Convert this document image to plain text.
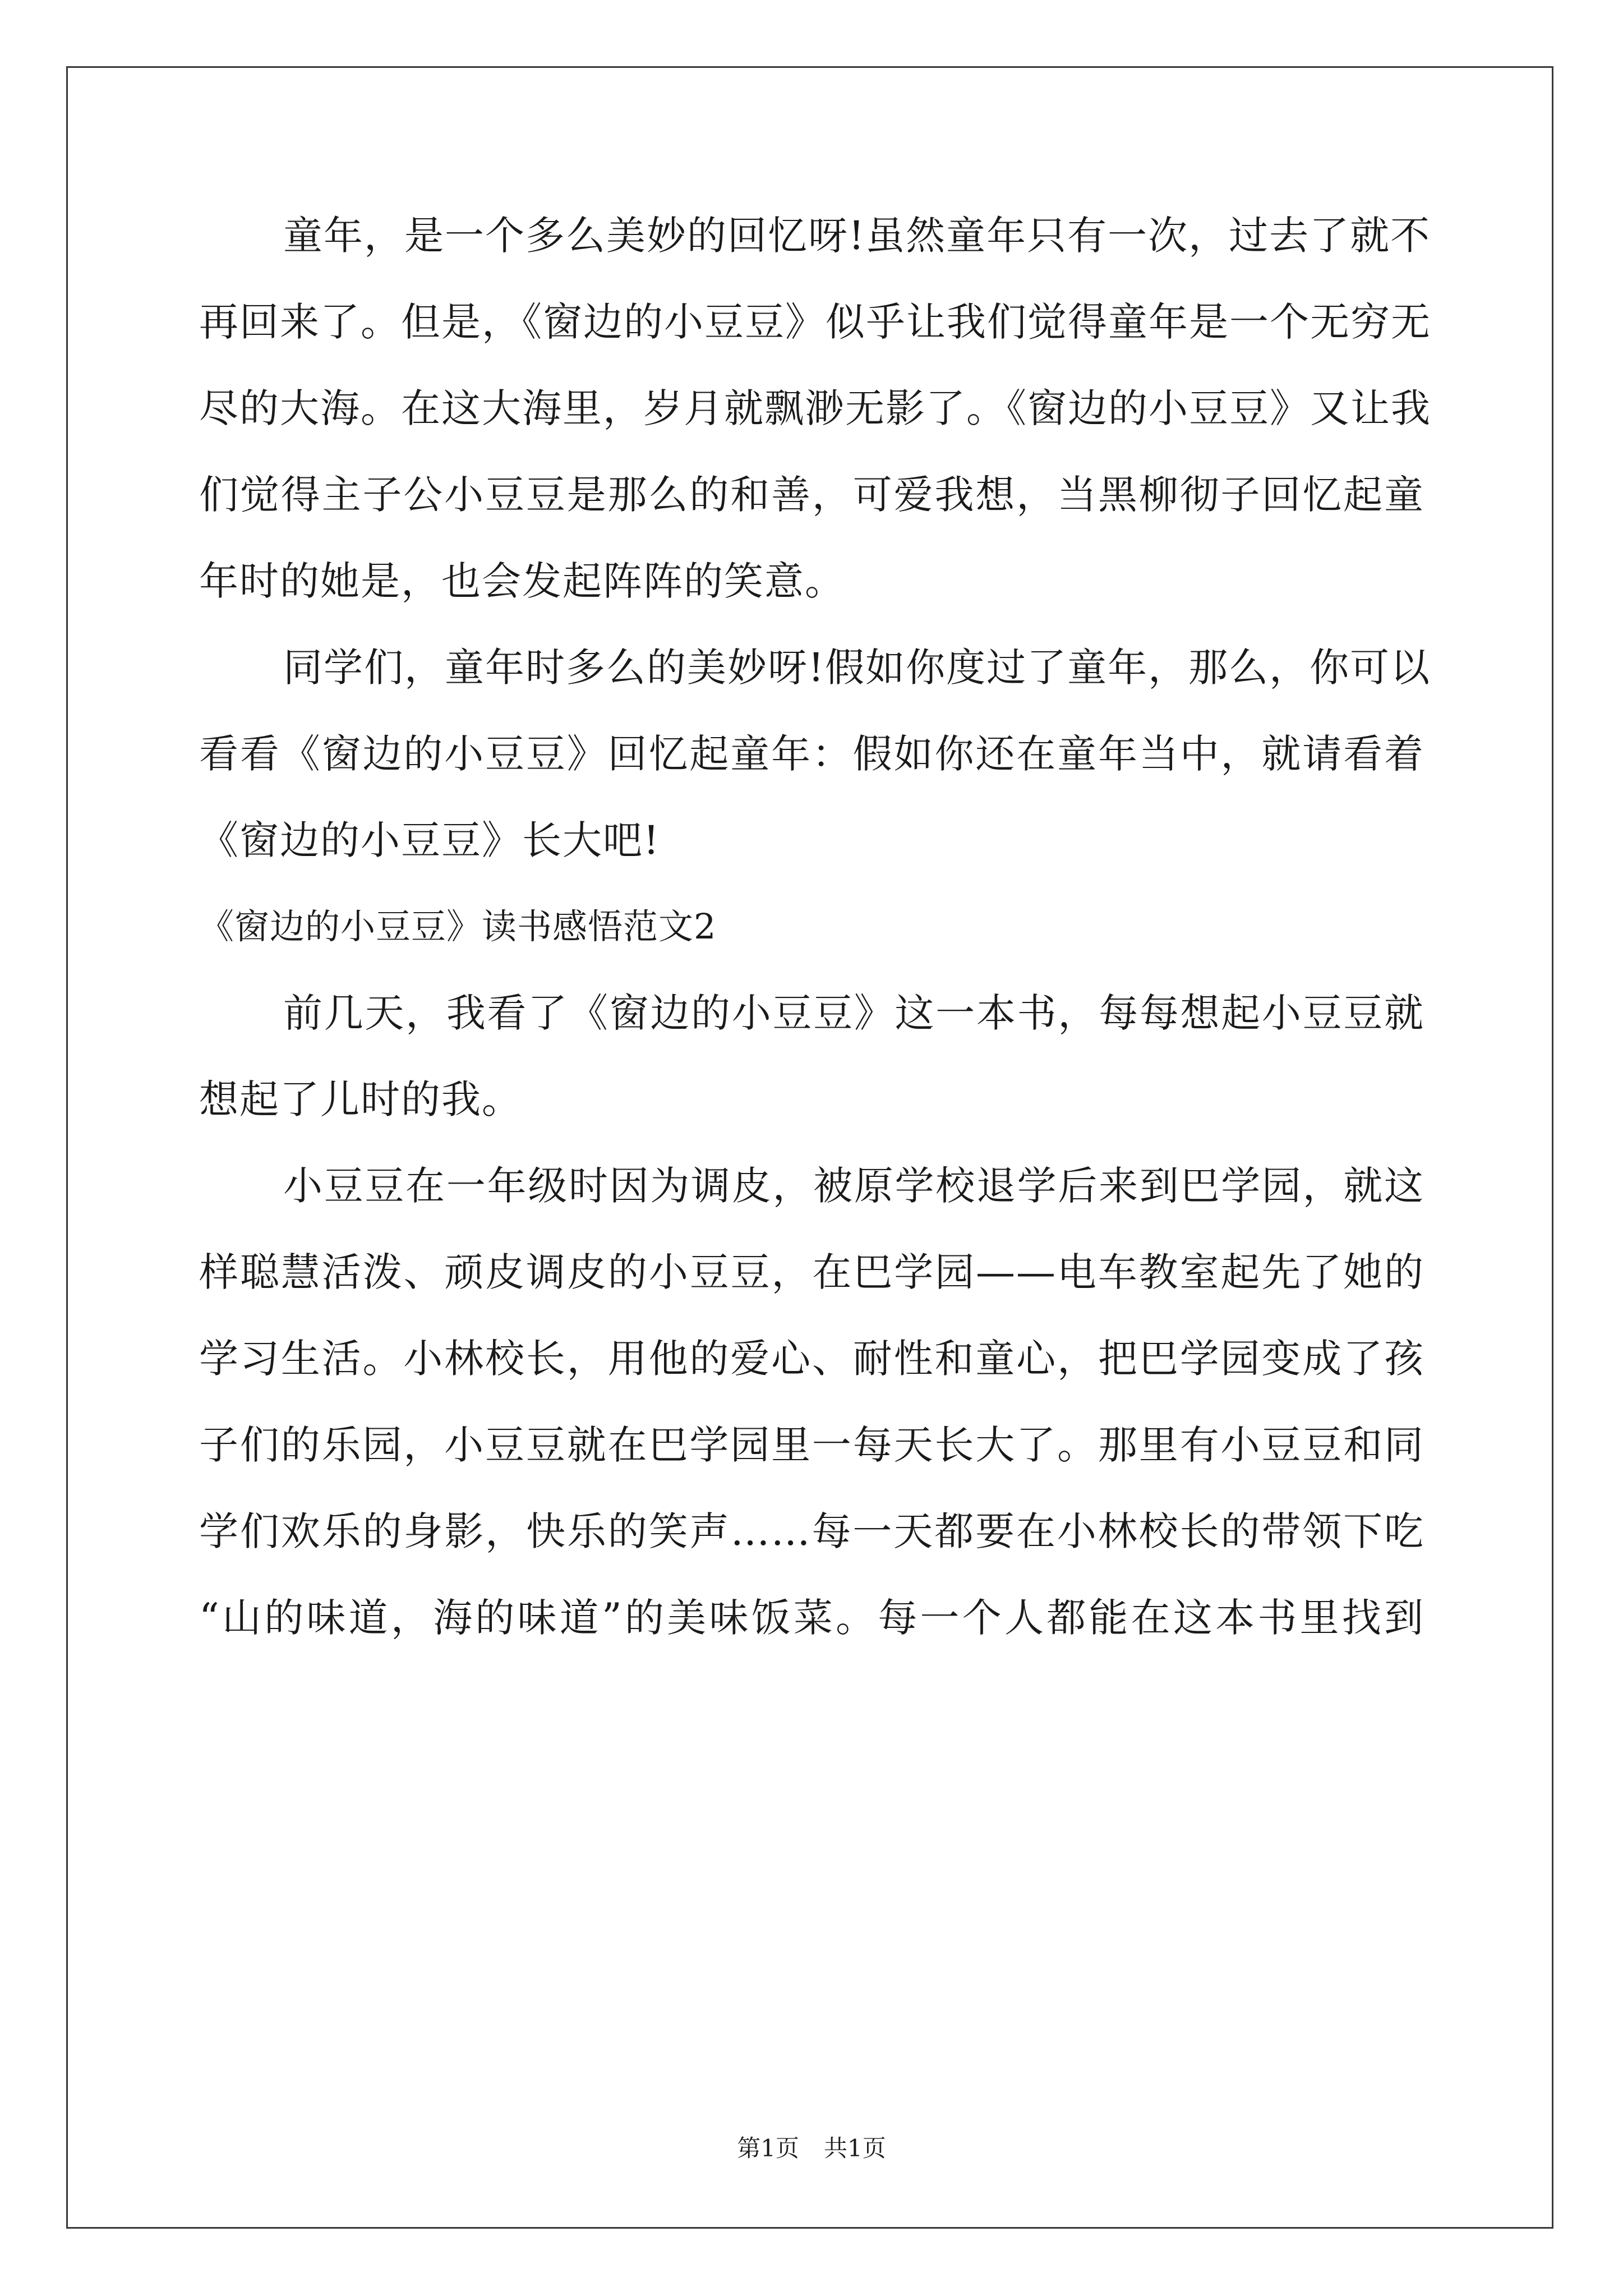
童年，是一个多么美妙的回忆呀!虽然童年只有一次，过去了就不
再回来了。但是，《窗边的小豆豆》似乎让我们觉得童年是一个无穷无
尽的大海。在这大海里，岁月就飘渺无影了。《窗边的小豆豆》又让我
们觉得主子公小豆豆是那么的和善，可爱我想，当黑柳彻子回忆起童
年时的她是，也会发起阵阵的笑意。
同学们，童年时多么的美妙呀!假如你度过了童年，那么，你可以
看看《窗边的小豆豆》回忆起童年：假如你还在童年当中，就请看着
《窗边的小豆豆》长大吧!
《窗边的小豆豆》读书感悟范文2
前几天，我看了《窗边的小豆豆》这一本书，每每想起小豆豆就
想起了儿时的我。
小豆豆在一年级时因为调皮，被原学校退学后来到巴学园，就这
样聪慧活泼、顽皮调皮的小豆豆，在巴学园——电车教室起先了她的
学习生活。小林校长，用他的爱心、耐性和童心，把巴学园变成了孩
子们的乐园，小豆豆就在巴学园里一每天长大了。那里有小豆豆和同
学们欢乐的身影，快乐的笑声……每一天都要在小林校长的带领下吃
“山的味道，海的味道”的美味饭菜。每一个人都能在这本书里找到
第1页 共1页
